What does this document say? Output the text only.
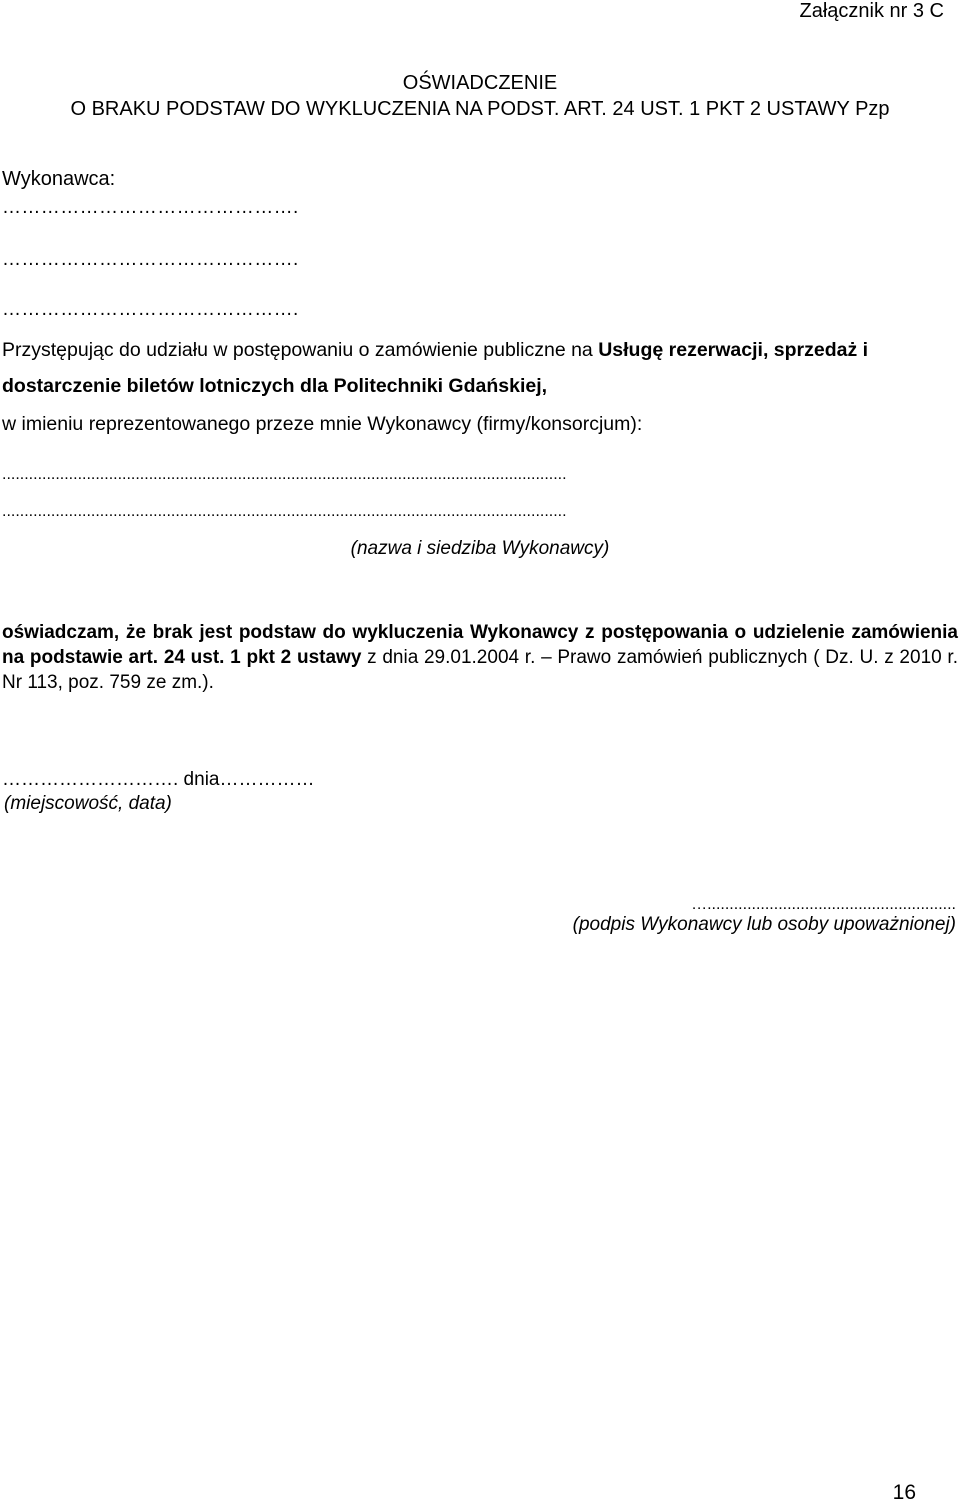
Załącznik nr 3 C
OŚWIADCZENIE
O BRAKU PODSTAW DO WYKLUCZENIA NA PODST. ART. 24 UST. 1 PKT 2 USTAWY Pzp
Wykonawca:
……………………………………….
……………………………………….
……………………………………….
Przystępując do udziału w postępowaniu o zamówienie publiczne na Usługę rezerwacji, sprzedaż i
dostarczenie biletów lotniczych dla Politechniki Gdańskiej,
w imieniu reprezentowanego przeze mnie Wykonawcy (firmy/konsorcjum):
...............................................................................................................................
...............................................................................................................................
(nazwa i siedziba Wykonawcy)
oświadczam, że brak jest podstaw do wykluczenia Wykonawcy z postępowania o udzielenie zamówienia na podstawie art. 24 ust. 1 pkt 2 ustawy z dnia 29.01.2004 r. – Prawo zamówień publicznych ( Dz. U. z 2010 r. Nr 113, poz. 759 ze zm.).
………………………. dnia……………
(miejscowość, data)
…........................................................
(podpis Wykonawcy lub osoby upoważnionej)
16
